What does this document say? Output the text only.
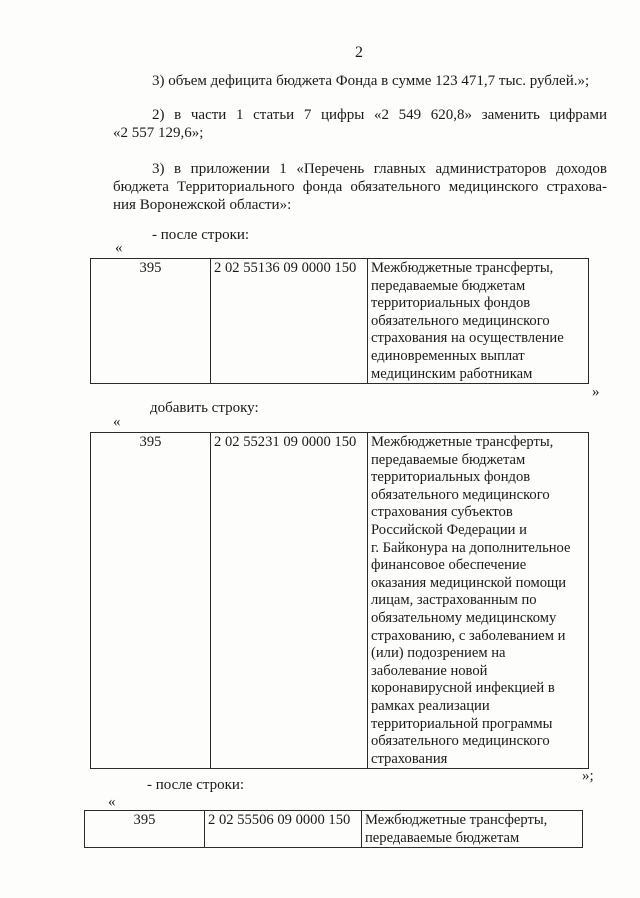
2
3) объем дефицита бюджета Фонда в сумме 123 471,7 тыс. рублей.»;
2) в части 1 статьи 7 цифры «2 549 620,8» заменить цифрами
«2 557 129,6»;
3) в приложении 1 «Перечень главных администраторов доходов
бюджета Территориального фонда обязательного медицинского страхова-
ния Воронежской области»:
- после строки:
«
395	2 02 55136 09 0000 150	Межбюджетные трансферты,
передаваемые бюджетам
территориальных фондов
обязательного медицинского
страхования на осуществление
единовременных выплат
медицинским работникам
»
добавить строку:
«
395	2 02 55231 09 0000 150	Межбюджетные трансферты,
передаваемые бюджетам
территориальных фондов
обязательного медицинского
страхования субъектов
Российской Федерации и
г. Байконура на дополнительное
финансовое обеспечение
оказания медицинской помощи
лицам, застрахованным по
обязательному медицинскому
страхованию, с заболеванием и
(или) подозрением на
заболевание новой
коронавирусной инфекцией в
рамках реализации
территориальной программы
обязательного медицинского
страхования
»;
- после строки:
«
395	2 02 55506 09 0000 150	Межбюджетные трансферты,
передаваемые бюджетам
